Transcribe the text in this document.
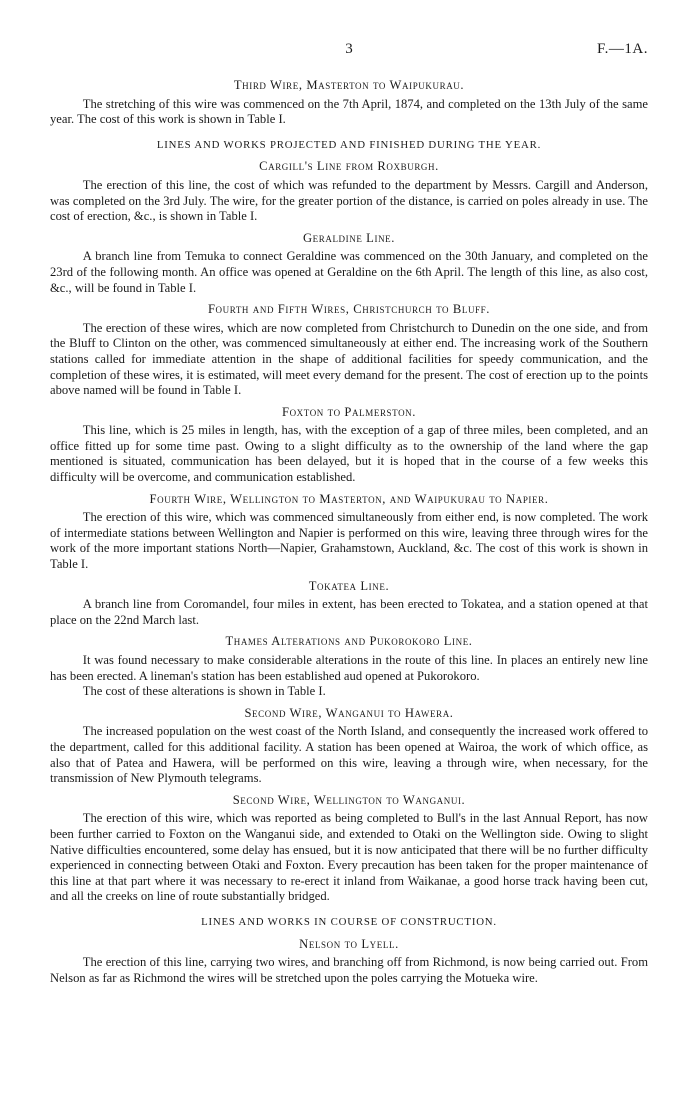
3	F.—1A.
Third Wire, Masterton to Waipukurau.

The stretching of this wire was commenced on the 7th April, 1874, and completed on the 13th July of the same year. The cost of this work is shown in Table I.

LINES AND WORKS PROJECTED AND FINISHED DURING THE YEAR.
Cargill's Line from Roxburgh.

The erection of this line, the cost of which was refunded to the department by Messrs. Cargill and Anderson, was completed on the 3rd July. The wire, for the greater portion of the distance, is carried on poles already in use. The cost of erection, &c., is shown in Table I.

Geraldine Line.

A branch line from Temuka to connect Geraldine was commenced on the 30th January, and completed on the 23rd of the following month. An office was opened at Geraldine on the 6th April. The length of this line, as also cost, &c., will be found in Table I.

Fourth and Fifth Wires, Christchurch to Bluff.

The erection of these wires, which are now completed from Christchurch to Dunedin on the one side, and from the Bluff to Clinton on the other, was commenced simultaneously at either end. The increasing work of the Southern stations called for immediate attention in the shape of additional facilities for speedy communication, and the completion of these wires, it is estimated, will meet every demand for the present. The cost of erection up to the points above named will be found in Table I.

Foxton to Palmerston.

This line, which is 25 miles in length, has, with the exception of a gap of three miles, been completed, and an office fitted up for some time past. Owing to a slight difficulty as to the ownership of the land where the gap mentioned is situated, communication has been delayed, but it is hoped that in the course of a few weeks this difficulty will be overcome, and communication established.

Fourth Wire, Wellington to Masterton, and Waipukurau to Napier.

The erection of this wire, which was commenced simultaneously from either end, is now completed. The work of intermediate stations between Wellington and Napier is performed on this wire, leaving three through wires for the work of the more important stations North—Napier, Grahamstown, Auckland, &c. The cost of this work is shown in Table I.

Tokatea Line.

A branch line from Coromandel, four miles in extent, has been erected to Tokatea, and a station opened at that place on the 22nd March last.

Thames Alterations and Pukorokoro Line.

It was found necessary to make considerable alterations in the route of this line. In places an entirely new line has been erected. A lineman's station has been established aud opened at Pukorokoro.

The cost of these alterations is shown in Table I.

Second Wire, Wanganui to Hawera.

The increased population on the west coast of the North Island, and consequently the increased work offered to the department, called for this additional facility. A station has been opened at Wairoa, the work of which office, as also that of Patea and Hawera, will be performed on this wire, leaving a through wire, when necessary, for the transmission of New Plymouth telegrams.

Second Wire, Wellington to Wanganui.

The erection of this wire, which was reported as being completed to Bull's in the last Annual Report, has now been further carried to Foxton on the Wanganui side, and extended to Otaki on the Wellington side. Owing to slight Native difficulties encountered, some delay has ensued, but it is now anticipated that there will be no further difficulty experienced in connecting between Otaki and Foxton. Every precaution has been taken for the proper maintenance of this line at that part where it was necessary to re-erect it inland from Waikanae, a good horse track having been cut, and all the creeks on line of route substantially bridged.

LINES AND WORKS IN COURSE OF CONSTRUCTION.
Nelson to Lyell.

The erection of this line, carrying two wires, and branching off from Richmond, is now being carried out. From Nelson as far as Richmond the wires will be stretched upon the poles carrying the Motueka wire.
